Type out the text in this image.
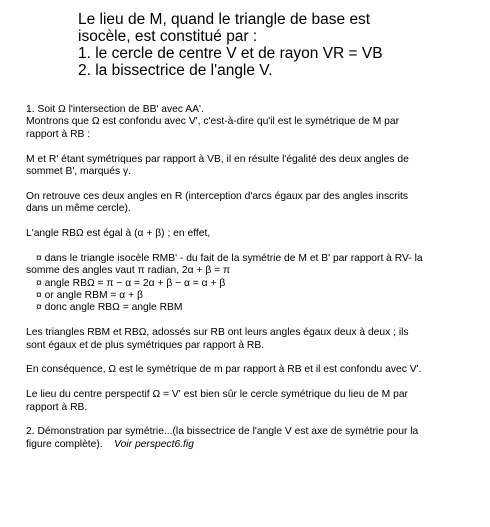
Le lieu de M, quand le triangle de base est
isocèle, est constitué par :
1. le cercle de centre V et de rayon VR = VB
2. la bissectrice de l'angle V.

1. Soit Ω l'intersection de BB' avec AA'.

Montrons que Ω est confondu avec V', c'est-à-dire qu'il est le symétrique de M par

rapport à RB :

M et R' étant symétriques par rapport à VB, il en résulte l'égalité des deux angles de

sommet B', marqués γ.

On retrouve ces deux angles en R (interception d'arcs égaux par des angles inscrits

dans un même cercle).

L'angle RBΩ est égal à (α + β) ; en effet,

¤ dans le triangle isocèle RMB' - du fait de la symétrie de M et B' par rapport à RV- la

somme des angles vaut π radian, 2α + β = π

¤ angle RBΩ = π − α = 2α + β − α = α + β

¤ or angle RBM = α + β

¤ donc angle RBΩ = angle RBM

Les triangles RBM et RBΩ, adossés sur RB ont leurs angles égaux deux à deux ; ils

sont égaux et de plus symétriques par rapport à RB.

En conséquence, Ω est le symétrique de m par rapport à RB et il est confondu avec V'.

Le lieu du centre perspectif Ω = V' est bien sûr le cercle symétrique du lieu de M par

rapport à RB.

2. Démonstration par symétrie...(la bissectrice de l'angle V est axe de symétrie pour la

figure complète). Voir perspect6.fig
